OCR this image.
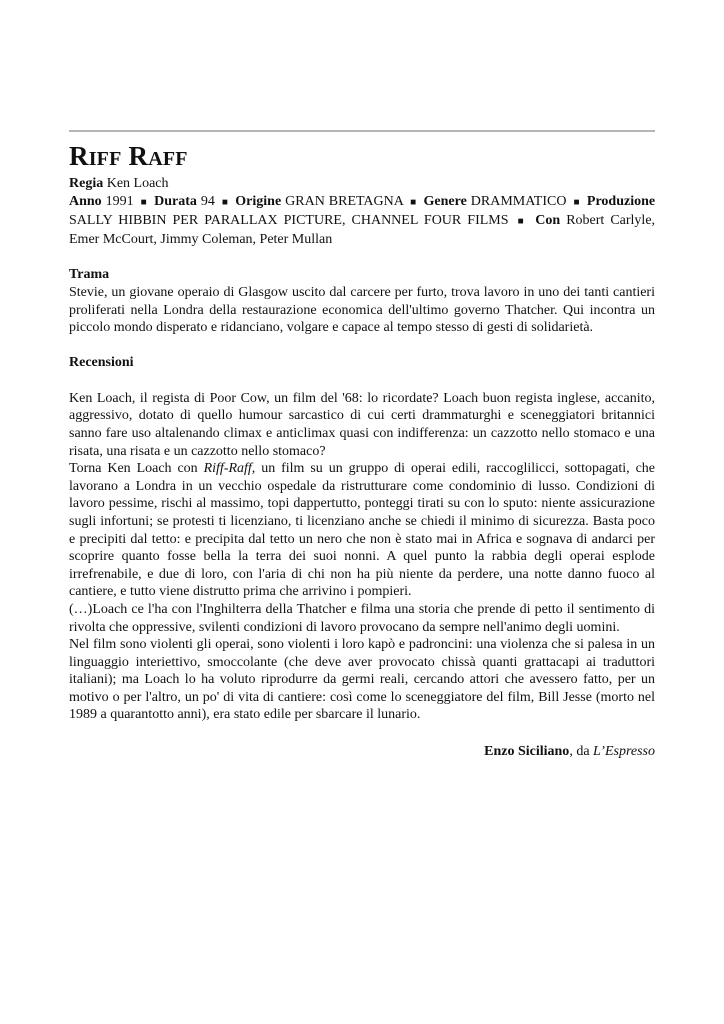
RIFF RAFF
Regia Ken Loach
Anno 1991 ■ Durata 94 ■ Origine GRAN BRETAGNA ■ Genere DRAMMATICO ■ Produzione SALLY HIBBIN PER PARALLAX PICTURE, CHANNEL FOUR FILMS ■ Con Robert Carlyle, Emer McCourt, Jimmy Coleman, Peter Mullan
Trama

Stevie, un giovane operaio di Glasgow uscito dal carcere per furto, trova lavoro in uno dei tanti cantieri proliferati nella Londra della restaurazione economica dell'ultimo governo Thatcher. Qui incontra un piccolo mondo disperato e ridanciano, volgare e capace al tempo stesso di gesti di solidarietà.

Recensioni

Ken Loach, il regista di Poor Cow, un film del '68: lo ricordate? Loach buon regista inglese, accanito, aggressivo, dotato di quello humour sarcastico di cui certi drammaturghi e sceneggiatori britannici sanno fare uso altalenando climax e anticlimax quasi con indifferenza: un cazzotto nello stomaco e una risata, una risata e un cazzotto nello stomaco?

Torna Ken Loach con Riff-Raff, un film su un gruppo di operai edili, raccoglilicci, sottopagati, che lavorano a Londra in un vecchio ospedale da ristrutturare come condominio di lusso. Condizioni di lavoro pessime, rischi al massimo, topi dappertutto, ponteggi tirati su con lo sputo: niente assicurazione sugli infortuni; se protesti ti licenziano, ti licenziano anche se chiedi il minimo di sicurezza. Basta poco e precipiti dal tetto: e precipita dal tetto un nero che non è stato mai in Africa e sognava di andarci per scoprire quanto fosse bella la terra dei suoi nonni. A quel punto la rabbia degli operai esplode irrefrenabile, e due di loro, con l'aria di chi non ha più niente da perdere, una notte danno fuoco al cantiere, e tutto viene distrutto prima che arrivino i pompieri.

(…)Loach ce l'ha con l'Inghilterra della Thatcher e filma una storia che prende di petto il sentimento di rivolta che oppressive, svilenti condizioni di lavoro provocano da sempre nell'animo degli uomini.

Nel film sono violenti gli operai, sono violenti i loro kapò e padroncini: una violenza che si palesa in un linguaggio interiettivo, smoccolante (che deve aver provocato chissà quanti grattacapi ai traduttori italiani); ma Loach lo ha voluto riprodurre da germi reali, cercando attori che avessero fatto, per un motivo o per l'altro, un po' di vita di cantiere: così come lo sceneggiatore del film, Bill Jesse (morto nel 1989 a quarantotto anni), era stato edile per sbarcare il lunario.

Enzo Siciliano, da L’Espresso
